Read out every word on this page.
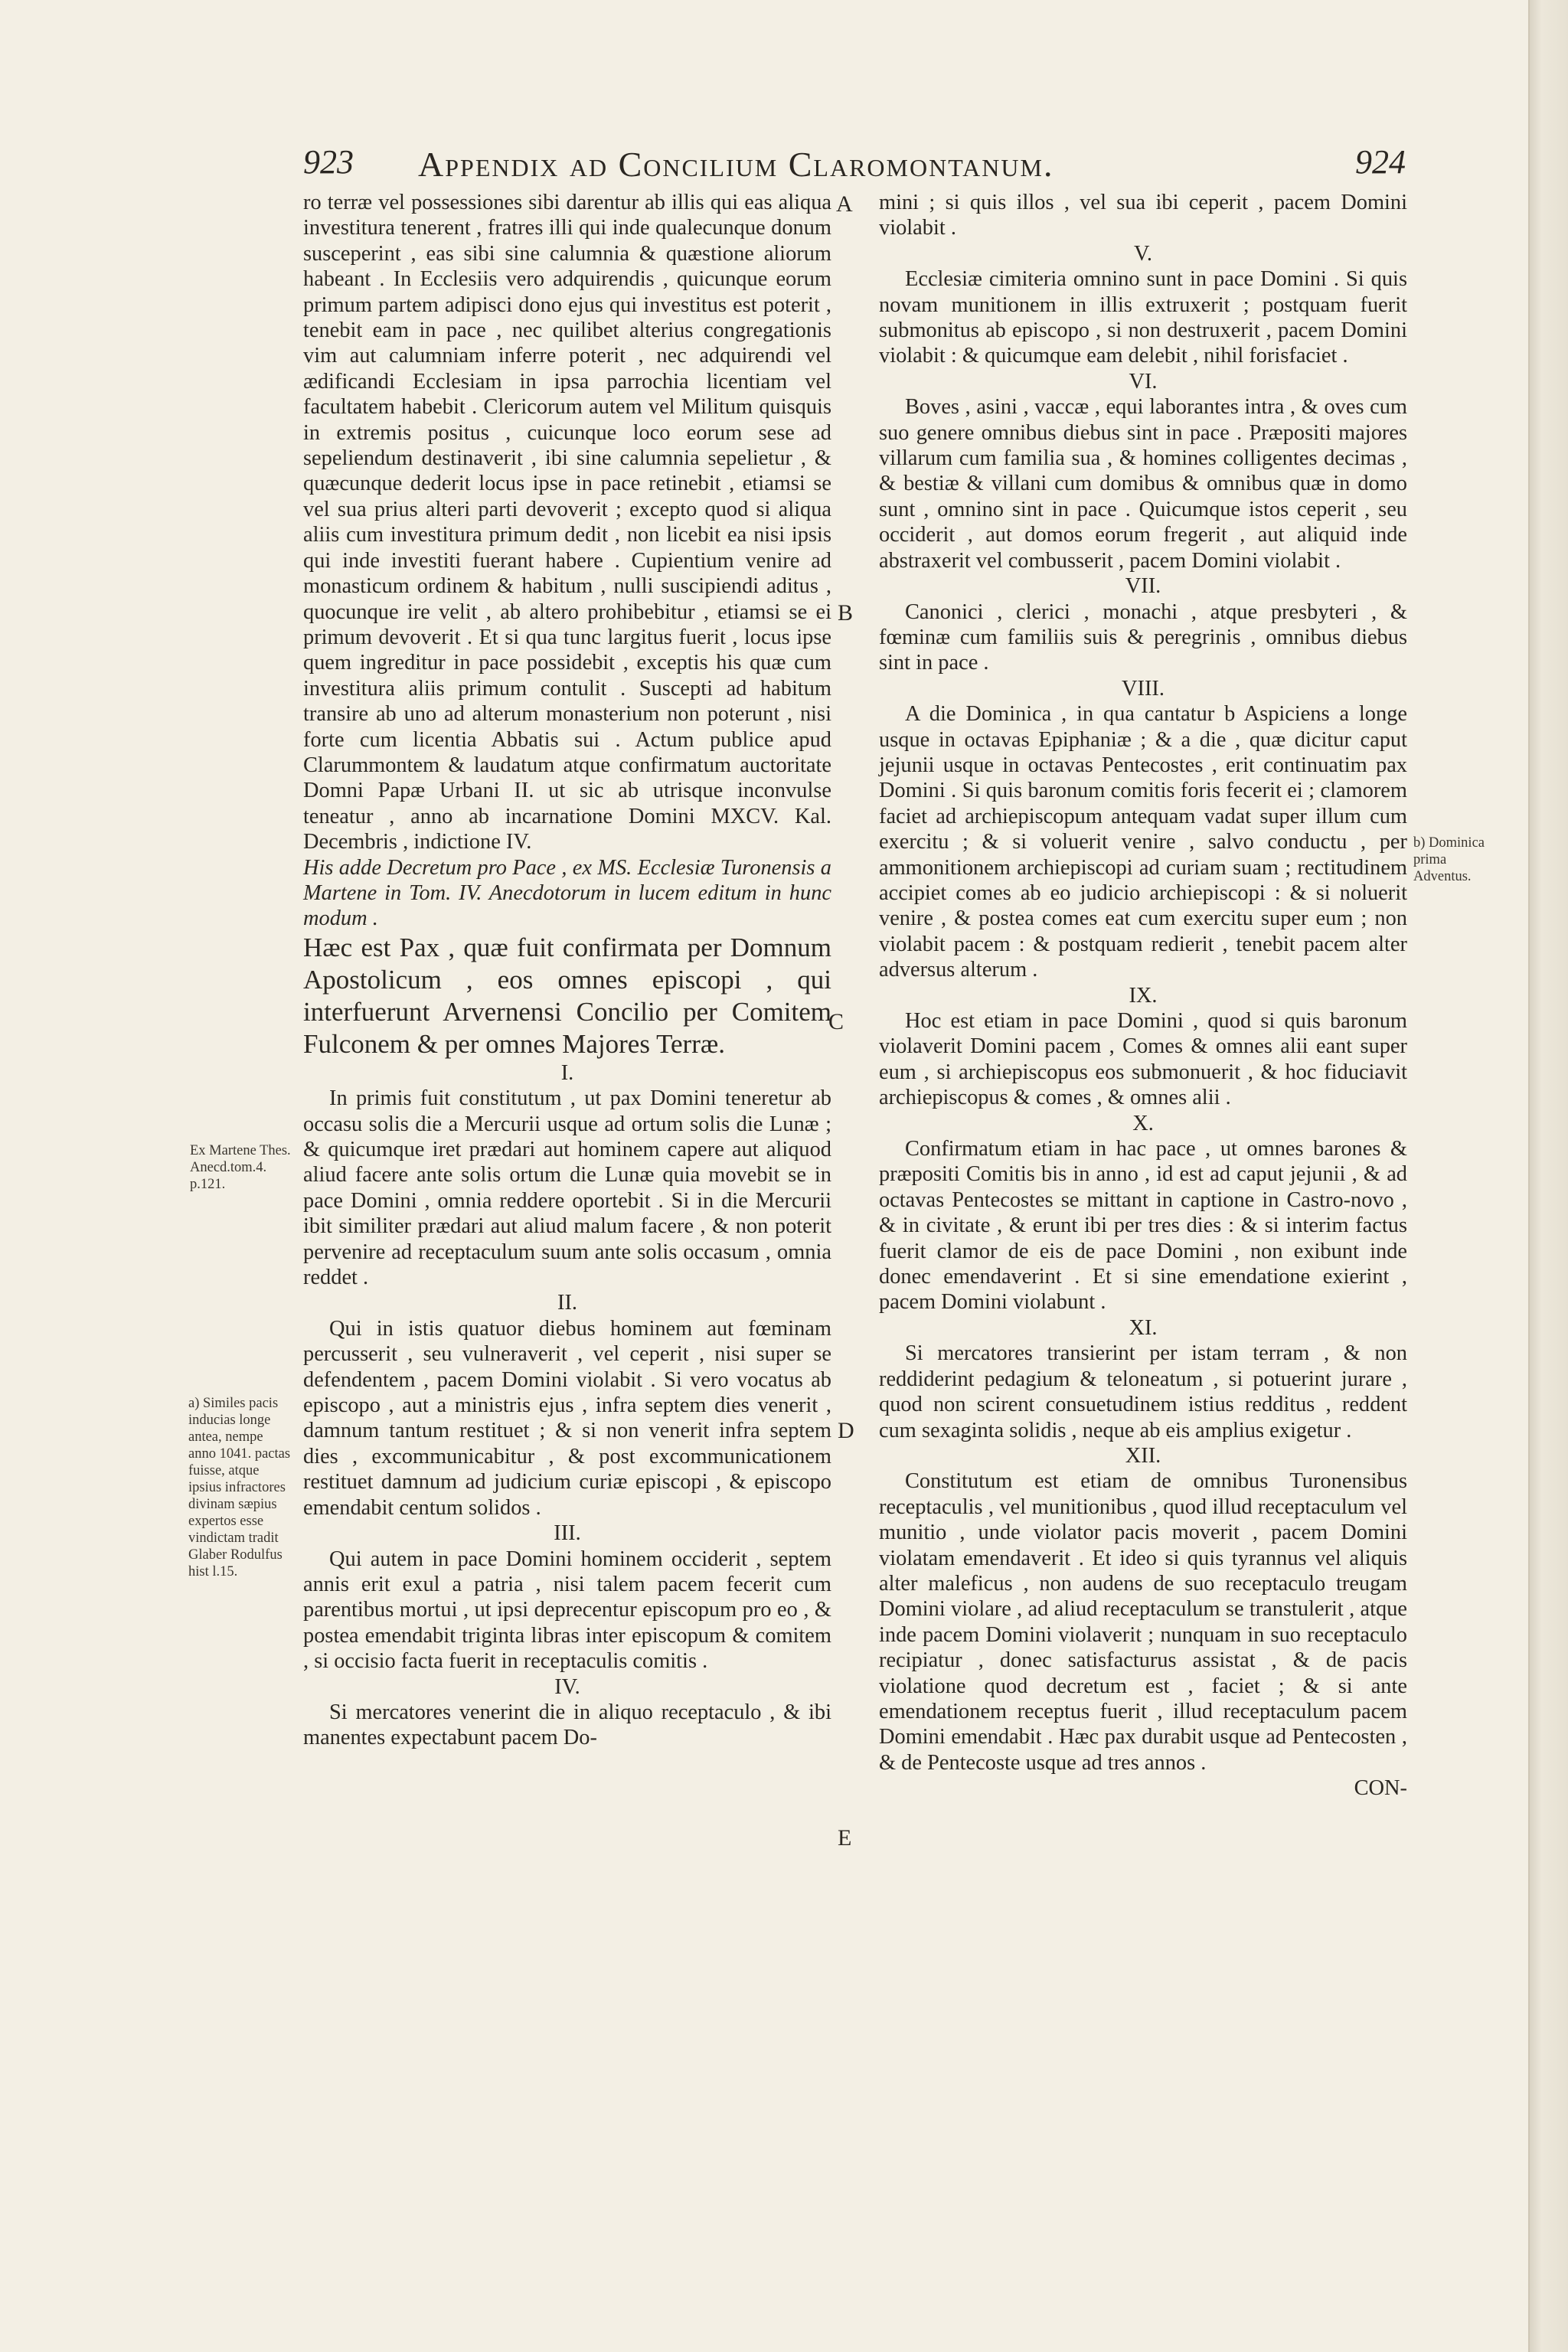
923 Appendix ad Concilium Claromontanum.	924

ro terræ vel possessiones sibi darentur ab illis qui eas aliqua investitura tenerent , fratres illi qui inde qualecunque donum susceperint , eas sibi sine calumnia & quæstione aliorum habeant . In Ecclesiis vero adquirendis , quicunque eorum primum partem adipisci dono ejus qui investitus est poterit , tenebit eam in pace , nec quilibet alterius congregationis vim aut calumniam inferre poterit , nec adquirendi vel ædificandi Ecclesiam in ipsa parrochia licentiam vel facultatem habebit . Clericorum autem vel Militum quisquis in extremis positus , cuicunque loco eorum sese ad sepeliendum destinaverit , ibi sine calumnia sepelietur , & quæcunque dederit locus ipse in pace retinebit , etiamsi se vel sua prius alteri parti devoverit ; excepto quod si aliqua aliis cum investitura primum dedit , non licebit ea nisi ipsis qui inde investiti fuerant habere . Cupientium venire ad monasticum ordinem & habitum , nulli suscipiendi aditus , quocunque ire velit , ab altero prohibebitur , etiamsi se ei primum devoverit . Et si qua tunc largitus fuerit , locus ipse quem ingreditur in pace possidebit , exceptis his quæ cum investitura aliis primum contulit . Suscepti ad habitum transire ab uno ad alterum monasterium non poterunt , nisi forte cum licentia Abbatis sui . Actum publice apud Clarummontem & laudatum atque confirmatum auctoritate Domni Papæ Urbani II. ut sic ab utrisque inconvulse teneatur , anno ab incarnatione Domini MXCV. Kal. Decembris , indictione IV.

His adde Decretum pro Pace , ex MS. Ecclesiæ Turonensis a Martene in Tom. IV. Anecdotorum in lucem editum in hunc modum .

Hæc est Pax , quæ fuit confirmata per Domnum Apostolicum , eos omnes episcopi , qui interfuerunt Arvernensi Concilio per Comitem Fulconem & per omnes Majores Terræ.

I.

In primis fuit constitutum , ut pax Domini teneretur ab occasu solis die a Mercurii usque ad ortum solis die Lunæ ; & quicumque iret prædari aut hominem capere aut aliquod aliud facere ante solis ortum die Lunæ quia movebit se in pace Domini , omnia reddere oportebit . Si in die Mercurii ibit similiter prædari aut aliud malum facere , & non poterit pervenire ad receptaculum suum ante solis occasum , omnia reddet .

II.

Qui in istis quatuor diebus hominem aut fœminam percusserit , seu vulneraverit , vel ceperit , nisi super se defendentem , pacem Domini violabit . Si vero vocatus ab episcopo , aut a ministris ejus , infra septem dies venerit , damnum tantum restituet ; & si non venerit infra septem dies , excommunicabitur , & post excommunicationem restituet damnum ad judicium curiæ episcopi , & episcopo emendabit centum solidos .

III.

Qui autem in pace Domini hominem occiderit , septem annis erit exul a patria , nisi talem pacem fecerit cum parentibus mortui , ut ipsi deprecentur episcopum pro eo , & postea emendabit triginta libras inter episcopum & comitem , si occisio facta fuerit in receptaculis comitis .

IV.

Si mercatores venerint die in aliquo receptaculo , & ibi manentes expectabunt pacem Do-

mini ; si quis illos , vel sua ibi ceperit , pacem Domini violabit .

V.

Ecclesiæ cimiteria omnino sunt in pace Domini . Si quis novam munitionem in illis extruxerit ; postquam fuerit submonitus ab episcopo , si non destruxerit , pacem Domini violabit : & quicumque eam delebit , nihil forisfaciet .

VI.

Boves , asini , vaccæ , equi laborantes intra , & oves cum suo genere omnibus diebus sint in pace . Præpositi majores villarum cum familia sua , & homines colligentes decimas , & bestiæ & villani cum domibus & omnibus quæ in domo sunt , omnino sint in pace . Quicumque istos ceperit , seu occiderit , aut domos eorum fregerit , aut aliquid inde abstraxerit vel combusserit , pacem Domini violabit .

VII.

Canonici , clerici , monachi , atque presbyteri , & fœminæ cum familiis suis & peregrinis , omnibus diebus sint in pace .

VIII.

A die Dominica , in qua cantatur b Aspiciens a longe usque in octavas Epiphaniæ ; & a die , quæ dicitur caput jejunii usque in octavas Pentecostes , erit continuatim pax Domini . Si quis baronum comitis foris fecerit ei ; clamorem faciet ad archiepiscopum antequam vadat super illum cum exercitu ; & si voluerit venire , salvo conductu , per ammonitionem archiepiscopi ad curiam suam ; rectitudinem accipiet comes ab eo judicio archiepiscopi : & si noluerit venire , & postea comes eat cum exercitu super eum ; non violabit pacem : & postquam redierit , tenebit pacem alter adversus alterum .

IX.

Hoc est etiam in pace Domini , quod si quis baronum violaverit Domini pacem , Comes & omnes alii eant super eum , si archiepiscopus eos submonuerit , & hoc fiduciavit archiepiscopus & comes , & omnes alii .

X.

Confirmatum etiam in hac pace , ut omnes barones & præpositi Comitis bis in anno , id est ad caput jejunii , & ad octavas Pentecostes se mittant in captione in Castro-novo , & in civitate , & erunt ibi per tres dies : & si interim factus fuerit clamor de eis de pace Domini , non exibunt inde donec emendaverint . Et si sine emendatione exierint , pacem Domini violabunt .

XI.

Si mercatores transierint per istam terram , & non reddiderint pedagium & teloneatum , si potuerint jurare , quod non scirent consuetudinem istius redditus , reddent cum sexaginta solidis , neque ab eis amplius exigetur .

XII.

Constitutum est etiam de omnibus Turonensibus receptaculis , vel munitionibus , quod illud receptaculum vel munitio , unde violator pacis moverit , pacem Domini violatam emendaverit . Et ideo si quis tyrannus vel aliquis alter maleficus , non audens de suo receptaculo treugam Domini violare , ad aliud receptaculum se transtulerit , atque inde pacem Domini violaverit ; nunquam in suo receptaculo recipiatur , donec satisfacturus assistat , & de pacis violatione quod decretum est , faciet ; & si ante emendationem receptus fuerit , illud receptaculum pacem Domini emendabit . Hæc pax durabit usque ad Pentecosten , & de Pentecoste usque ad tres annos .

CON-

A
B
C
D
E
Ex Martene Thes. Anecd.tom.4. p.121.
a) Similes pacis inducias longe antea, nempe anno 1041. pactas fuisse, atque ipsius infractores divinam sæpius expertos esse vindictam tradit Glaber Rodulfus hist l.15.
b) Dominica prima Adventus.
